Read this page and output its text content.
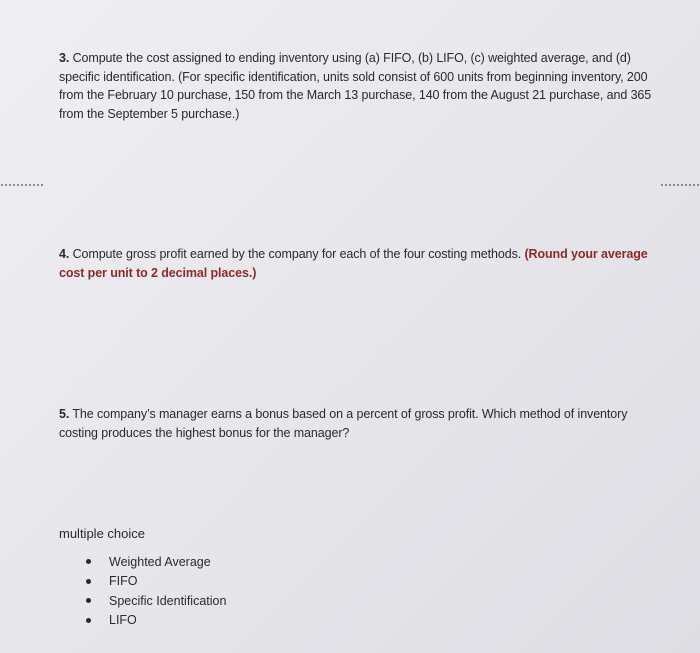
3. Compute the cost assigned to ending inventory using (a) FIFO, (b) LIFO, (c) weighted average, and (d) specific identification. (For specific identification, units sold consist of 600 units from beginning inventory, 200 from the February 10 purchase, 150 from the March 13 purchase, 140 from the August 21 purchase, and 365 from the September 5 purchase.)
4. Compute gross profit earned by the company for each of the four costing methods. (Round your average cost per unit to 2 decimal places.)
5. The company’s manager earns a bonus based on a percent of gross profit. Which method of inventory costing produces the highest bonus for the manager?
multiple choice
Weighted Average
FIFO
Specific Identification
LIFO
